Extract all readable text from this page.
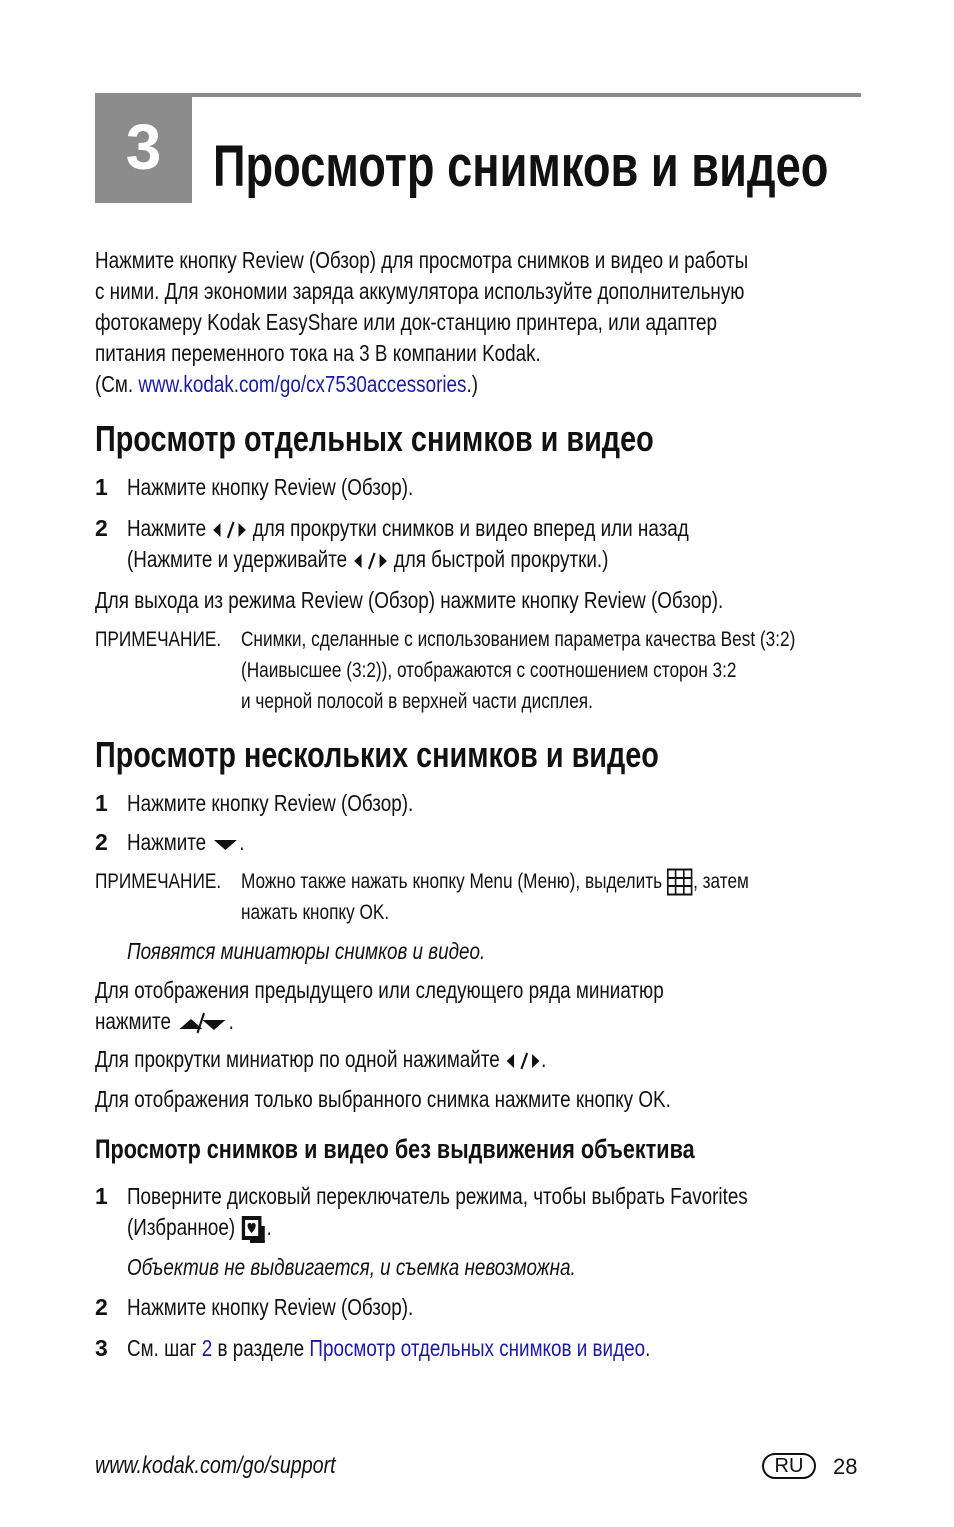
3 Просмотр снимков и видео
Нажмите кнопку Review (Обзор) для просмотра снимков и видео и работы
с ними. Для экономии заряда аккумулятора используйте дополнительную
фотокамеру Kodak EasyShare или док-станцию принтера, или адаптер
питания переменного тока на 3 В компании Kodak.
(См. www.kodak.com/go/cx7530accessories.)
Просмотр отдельных снимков и видео
1 Нажмите кнопку Review (Обзор).
2 Нажмите для прокрутки снимков и видео вперед или назад
(Нажмите и удерживайте для быстрой прокрутки.)
Для выхода из режима Review (Обзор) нажмите кнопку Review (Обзор).
ПРИМЕЧАНИЕ. Снимки, сделанные с использованием параметра качества Best (3:2)
(Наивысшее (3:2)), отображаются с соотношением сторон 3:2
и черной полосой в верхней части дисплея.
Просмотр нескольких снимков и видео
1 Нажмите кнопку Review (Обзор).
2 Нажмите .
ПРИМЕЧАНИЕ. Можно также нажать кнопку Menu (Меню), выделить , затем
нажать кнопку OK.
Появятся миниатюры снимков и видео.
Для отображения предыдущего или следующего ряда миниатюр
нажмите	.
Для прокрутки миниатюр по одной нажимайте .
Для отображения только выбранного снимка нажмите кнопку OK.
Просмотр снимков и видео без выдвижения объектива
1 Поверните дисковый переключатель режима, чтобы выбрать Favorites
(Избранное) .
Объектив не выдвигается, и съемка невозможна.
2 Нажмите кнопку Review (Обзор).
3 См. шаг 2 в разделе Просмотр отдельных снимков и видео.
www.kodak.com/go/support	RU	28
